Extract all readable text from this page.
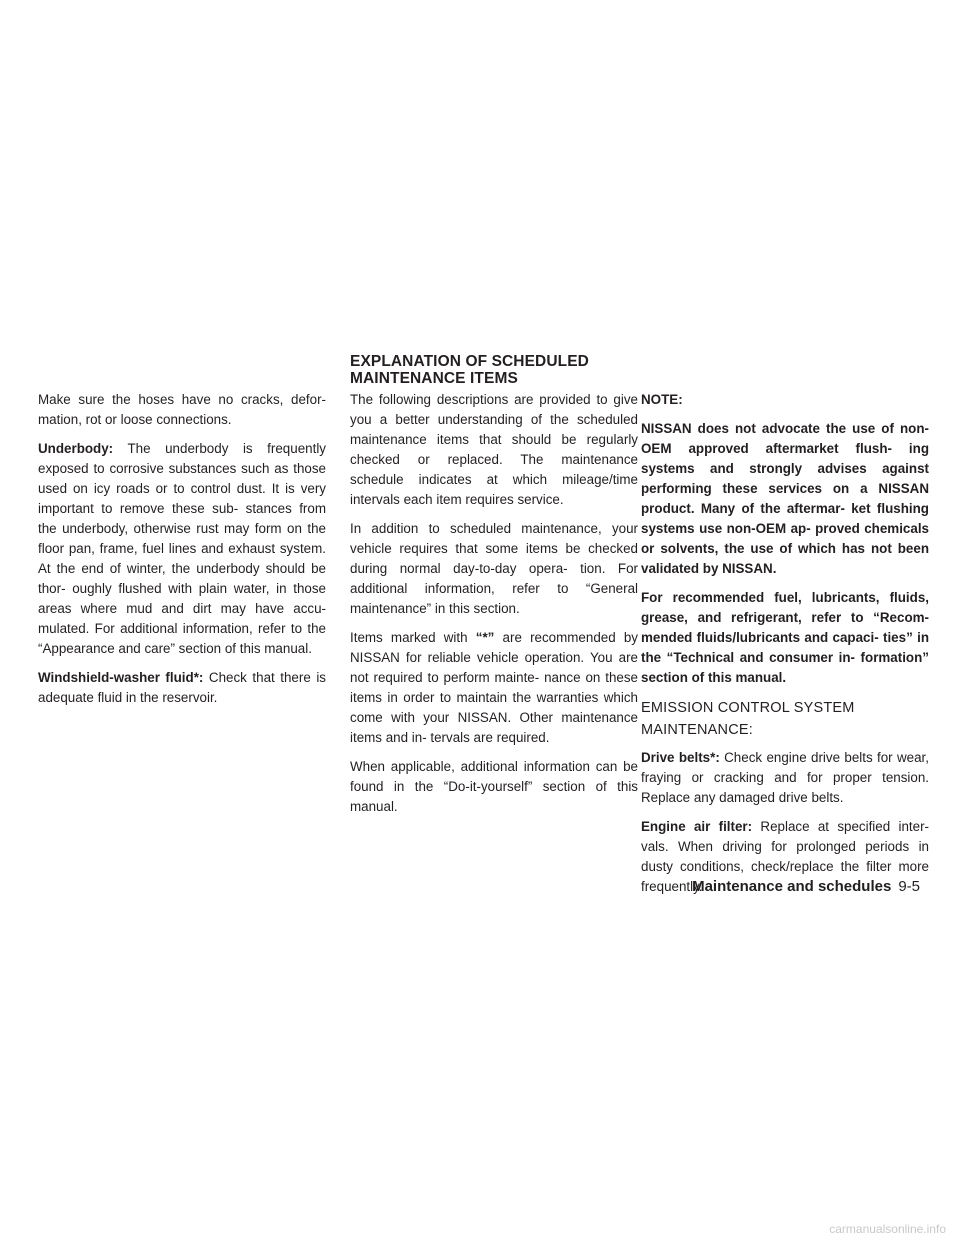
EXPLANATION OF SCHEDULED
MAINTENANCE ITEMS

Make sure the hoses have no cracks, defor- mation, rot or loose connections.

Underbody: The underbody is frequently exposed to corrosive substances such as those used on icy roads or to control dust. It is very important to remove these sub- stances from the underbody, otherwise rust may form on the floor pan, frame, fuel lines and exhaust system. At the end of winter, the underbody should be thor- oughly flushed with plain water, in those areas where mud and dirt may have accu- mulated. For additional information, refer to the “Appearance and care” section of this manual.

Windshield-washer fluid*: Check that there is adequate fluid in the reservoir.

The following descriptions are provided to give you a better understanding of the scheduled maintenance items that should be regularly checked or replaced. The maintenance schedule indicates at which mileage/time intervals each item requires service.

In addition to scheduled maintenance, your vehicle requires that some items be checked during normal day-to-day opera- tion. For additional information, refer to “General maintenance” in this section.

Items marked with “*” are recommended by NISSAN for reliable vehicle operation. You are not required to perform mainte- nance on these items in order to maintain the warranties which come with your NISSAN. Other maintenance items and in- tervals are required.

When applicable, additional information can be found in the “Do-it-yourself” section of this manual.

NOTE:

NISSAN does not advocate the use of non-OEM approved aftermarket flush- ing systems and strongly advises against performing these services on a NISSAN product. Many of the aftermar- ket flushing systems use non-OEM ap- proved chemicals or solvents, the use of which has not been validated by NISSAN.

For recommended fuel, lubricants, fluids, grease, and refrigerant, refer to “Recom- mended fluids/lubricants and capaci- ties” in the “Technical and consumer in- formation” section of this manual.

EMISSION CONTROL SYSTEM
MAINTENANCE:

Drive belts*: Check engine drive belts for wear, fraying or cracking and for proper tension. Replace any damaged drive belts.

Engine air filter: Replace at specified inter- vals. When driving for prolonged periods in dusty conditions, check/replace the filter more frequently.

Maintenance and schedules 9-5
carmanualsonline.info
